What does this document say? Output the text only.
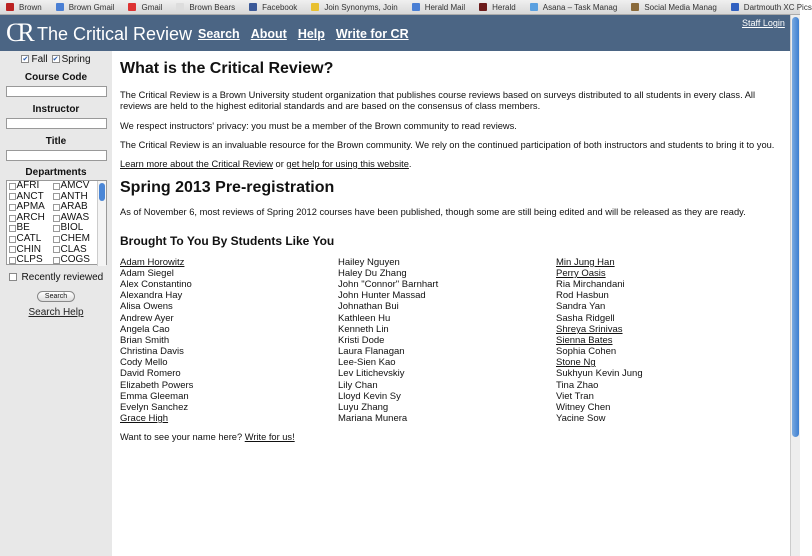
Brown	Brown Gmail	Gmail	Brown Bears	Facebook	Join Synonyms, Join	Herald Mail	Herald	Asana – Task Manag	Social Media Manag	Dartmouth XC Pics
CR The Critical Review Search About Help Write for CR
Staff Login
✔ Fall ✔ Spring
Course Code
Instructor
Title
Departments
AFRI AMCV
ANCT ANTH
APMA ARAB
ARCH AWAS
BE	BIOL
CATL CHEM
CHIN CLAS
CLPS COGS
Recently reviewed
Search
Search Help
What is the Critical Review?

The Critical Review is a Brown University student organization that publishes course reviews based on surveys distributed to all students in every class. All reviews are held to the highest editorial standards and are based on the consensus of class members.

We respect instructors' privacy: you must be a member of the Brown community to read reviews.

The Critical Review is an invaluable resource for the Brown community. We rely on the continued participation of both instructors and students to bring it to you.

Learn more about the Critical Review or get help for using this website.

Spring 2013 Pre-registration

As of November 6, most reviews of Spring 2012 courses have been published, though some are still being edited and will be released as they are ready.

Brought To You By Students Like You
Adam Horowitz
Adam Siegel
Alex Constantino
Alexandra Hay
Alisa Owens
Andrew Ayer
Angela Cao
Brian Smith
Christina Davis
Cody Mello
David Romero
Elizabeth Powers
Emma Gleeman
Evelyn Sanchez
Grace High
Hailey Nguyen
Haley Du Zhang
John "Connor" Barnhart
John Hunter Massad
Johnathan Bui
Kathleen Hu
Kenneth Lin
Kristi Dode
Laura Flanagan
Lee-Sien Kao
Lev Litichevskiy
Lily Chan
Lloyd Kevin Sy
Luyu Zhang
Mariana Munera
Min Jung Han
Perry Oasis
Ria Mirchandani
Rod Hasbun
Sandra Yan
Sasha Ridgell
Shreya Srinivas
Sienna Bates
Sophia Cohen
Stone Ng
Sukhyun Kevin Jung
Tina Zhao
Viet Tran
Witney Chen
Yacine Sow

Want to see your name here? Write for us!
